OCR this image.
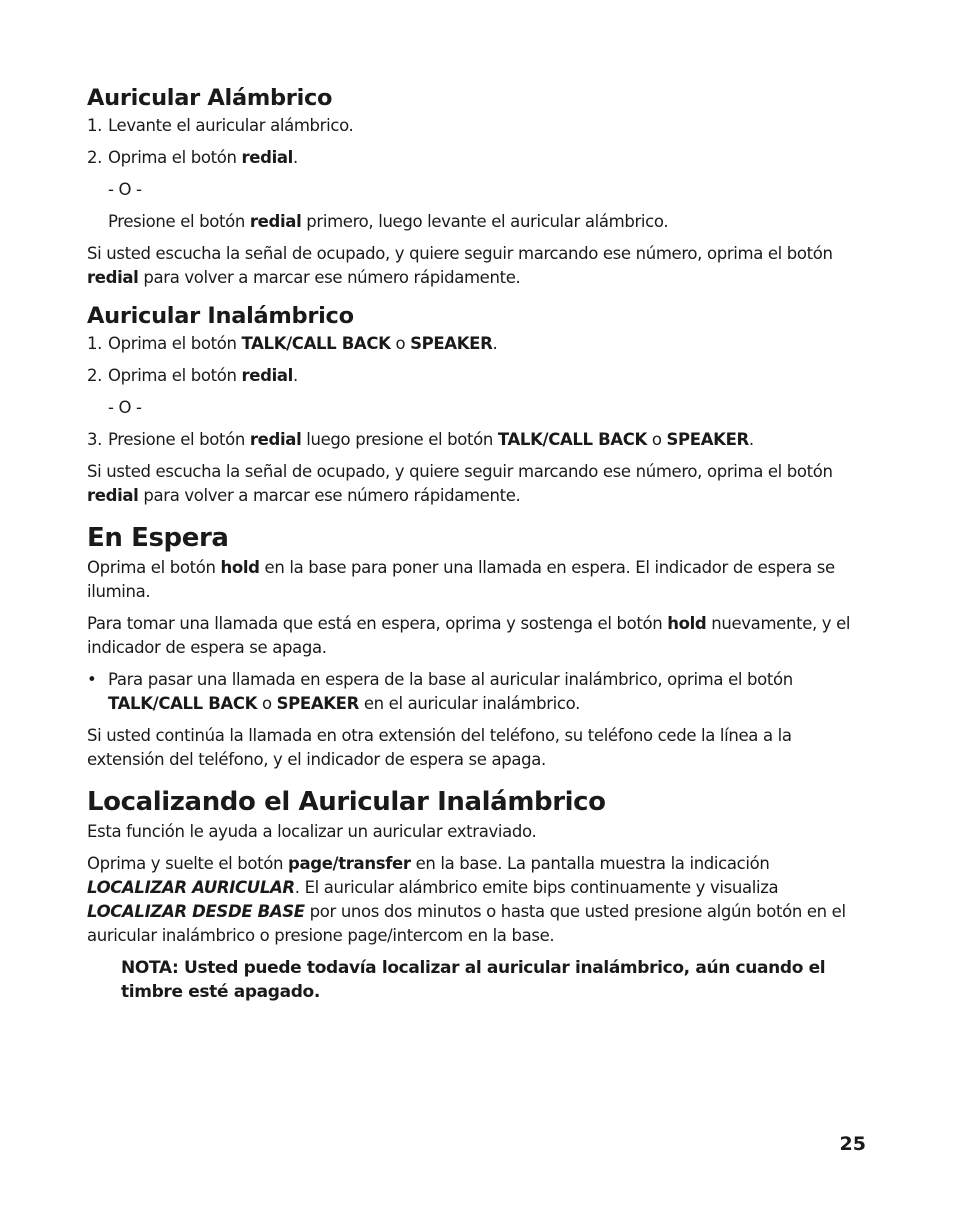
Auricular Alámbrico

1. Levante el auricular alámbrico.

2. Oprima el botón redial.

- O -

Presione el botón redial primero, luego levante el auricular alámbrico.

Si usted escucha la señal de ocupado, y quiere seguir marcando ese número, oprima el botón redial para volver a marcar ese número rápidamente.

Auricular Inalámbrico

1. Oprima el botón TALK/CALL BACK o SPEAKER.

2. Oprima el botón redial.

- O -

3. Presione el botón redial luego presione el botón TALK/CALL BACK o SPEAKER.

Si usted escucha la señal de ocupado, y quiere seguir marcando ese número, oprima el botón redial para volver a marcar ese número rápidamente.

En Espera

Oprima el botón hold en la base para poner una llamada en espera. El indicador de espera se ilumina.

Para tomar una llamada que está en espera, oprima y sostenga el botón hold nuevamente, y el indicador de espera se apaga.

• Para pasar una llamada en espera de la base al auricular inalámbrico, oprima el botón TALK/CALL BACK o SPEAKER en el auricular inalámbrico.

Si usted continúa la llamada en otra extensión del teléfono, su teléfono cede la línea a la extensión del teléfono, y el indicador de espera se apaga.

Localizando el Auricular Inalámbrico

Esta función le ayuda a localizar un auricular extraviado.

Oprima y suelte el botón page/transfer en la base. La pantalla muestra la indicación LOCALIZAR AURICULAR. El auricular alámbrico emite bips continuamente y visualiza LOCALIZAR DESDE BASE por unos dos minutos o hasta que usted presione algún botón en el auricular inalámbrico o presione page/intercom en la base.

NOTA: Usted puede todavía localizar al auricular inalámbrico, aún cuando el timbre esté apagado.

25
